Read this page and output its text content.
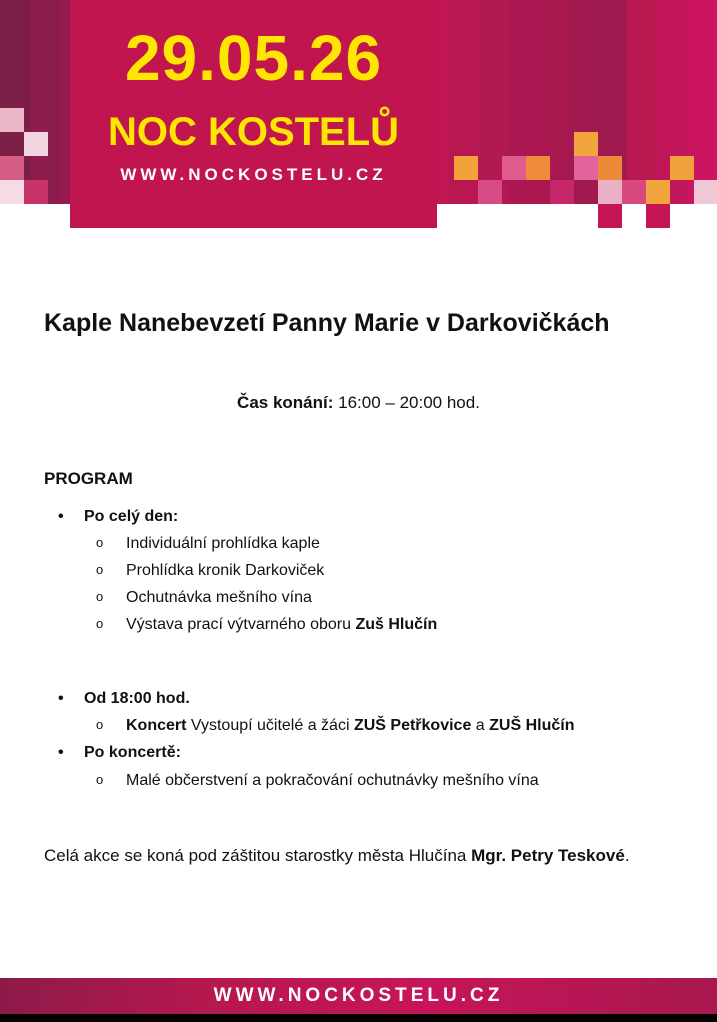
29.05.26
NOC KOSTELŮ
WWW.NOCKOSTELU.CZ
Kaple Nanebevzetí Panny Marie v Darkovičkách
Čas konání: 16:00 – 20:00 hod.
PROGRAM
• Po celý den:
o Individuální prohlídka kaple
o Prohlídka kronik Darkoviček
o Ochutnávka mešního vína
o Výstava prací výtvarného oboru Zuš Hlučín
• Od 18:00 hod.
o Koncert Vystoupí učitelé a žáci ZUŠ Petřkovice a ZUŠ Hlučín
• Po koncertě:
o Malé občerstvení a pokračování ochutnávky mešního vína
Celá akce se koná pod záštitou starostky města Hlučína Mgr. Petry Teskové.
WWW.NOCKOSTELU.CZ
